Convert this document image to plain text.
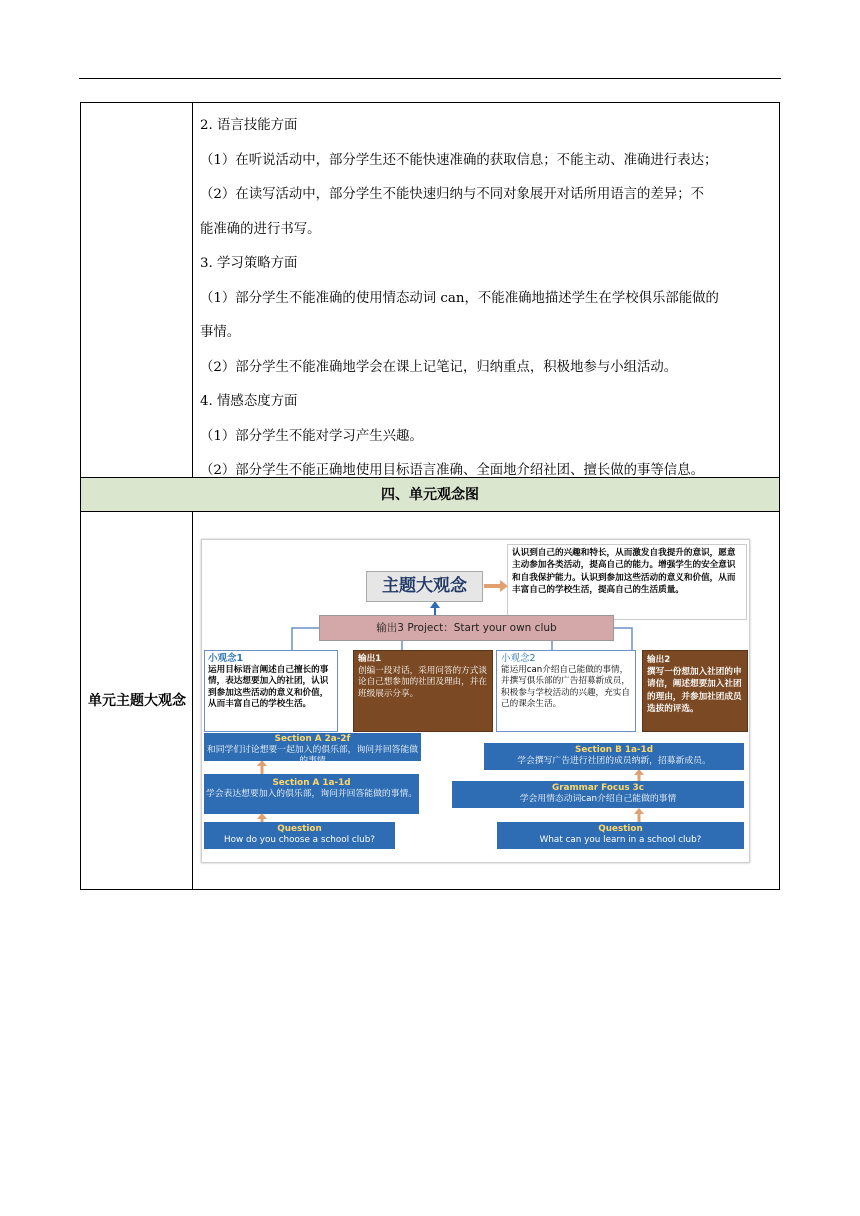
2. 语言技能方面

（1）在听说活动中，部分学生还不能快速准确的获取信息；不能主动、准确进行表达；

（2）在读写活动中，部分学生不能快速归纳与不同对象展开对话所用语言的差异；不

能准确的进行书写。

3. 学习策略方面

（1）部分学生不能准确的使用情态动词 can，不能准确地描述学生在学校俱乐部能做的

事情。

（2）部分学生不能准确地学会在课上记笔记，归纳重点，积极地参与小组活动。

4. 情感态度方面

（1）部分学生不能对学习产生兴趣。

（2）部分学生不能正确地使用目标语言准确、全面地介绍社团、擅长做的事等信息。

四、单元观念图
单元主题大观念
主题大观念
认识到自己的兴趣和特长，从而激发自我提升的意识，愿意主动参加各类活动，提高自己的能力。增强学生的安全意识和自我保护能力。认识到参加这些活动的意义和价值，从而丰富自己的学校生活，提高自己的生活质量。
输出3 Project：Start your own club
小观念1
运用目标语言阐述自己擅长的事情，表达想要加入的社团，认识到参加这些活动的意义和价值，从而丰富自己的学校生活。
输出1
创编一段对话，采用问答的方式谈论自己想参加的社团及理由，并在班级展示分享。
小观念2
能运用can介绍自己能做的事情，并撰写俱乐部的广告招募新成员，积极参与学校活动的兴趣，充实自己的课余生活。
输出2
撰写一份想加入社团的申请信，阐述想要加入社团的理由，并参加社团成员选拔的评选。
Section A 2a-2f
和同学们讨论想要一起加入的俱乐部，询问并回答能做的事情
Section A 1a-1d
学会表达想要加入的俱乐部，询问并回答能做的事情。
Question
How do you choose a school club?
Section B 1a-1d
学会撰写广告进行社团的成员纳新，招募新成员。
Grammar Focus 3c
学会用情态动词can介绍自己能做的事情
Question
What can you learn in a school club?
